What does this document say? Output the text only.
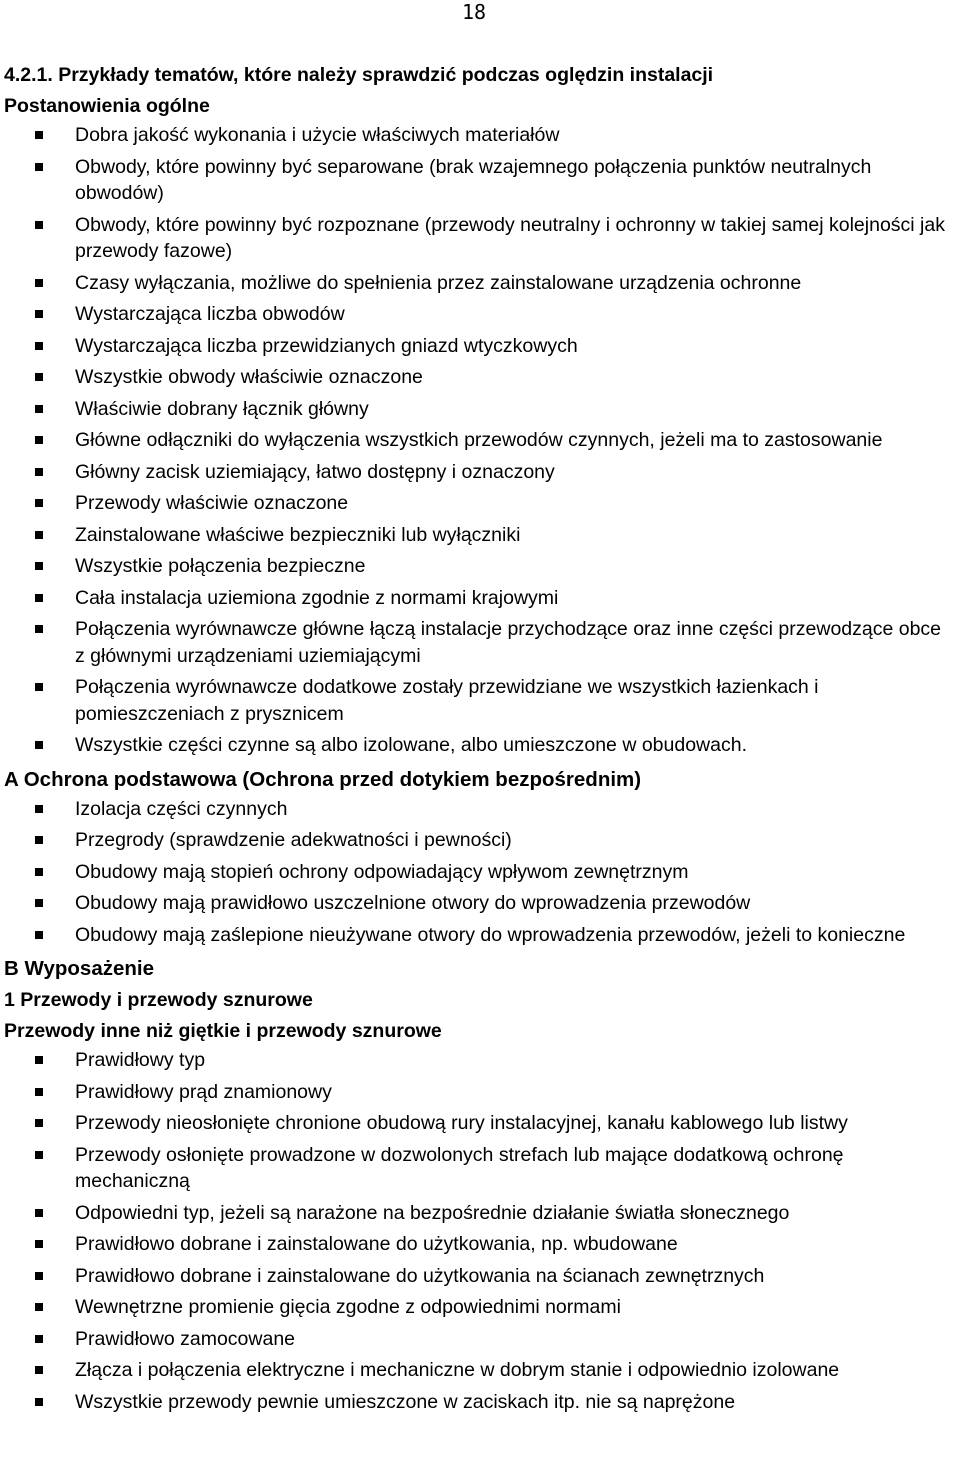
18
4.2.1. Przykłady tematów, które należy sprawdzić podczas oględzin instalacji
Postanowienia ogólne
Dobra jakość wykonania i użycie właściwych materiałów
Obwody, które powinny być separowane (brak wzajemnego połączenia punktów neutralnych obwodów)
Obwody, które powinny być rozpoznane (przewody neutralny i ochronny w takiej samej kolejności jak przewody fazowe)
Czasy wyłączania, możliwe do spełnienia przez zainstalowane urządzenia ochronne
Wystarczająca liczba obwodów
Wystarczająca liczba przewidzianych gniazd wtyczkowych
Wszystkie obwody właściwie oznaczone
Właściwie dobrany łącznik główny
Główne odłączniki do wyłączenia wszystkich przewodów czynnych, jeżeli ma to zastosowanie
Główny zacisk uziemiający, łatwo dostępny i oznaczony
Przewody właściwie oznaczone
Zainstalowane właściwe bezpieczniki lub wyłączniki
Wszystkie połączenia bezpieczne
Cała instalacja uziemiona zgodnie z normami krajowymi
Połączenia wyrównawcze główne łączą instalacje przychodzące oraz inne części przewodzące obce z głównymi urządzeniami uziemiającymi
Połączenia wyrównawcze dodatkowe zostały przewidziane we wszystkich łazienkach i pomieszczeniach z prysznicem
Wszystkie części czynne są albo izolowane, albo umieszczone w obudowach.
A Ochrona podstawowa (Ochrona przed dotykiem bezpośrednim)
Izolacja części czynnych
Przegrody (sprawdzenie adekwatności i pewności)
Obudowy mają stopień ochrony odpowiadający wpływom zewnętrznym
Obudowy mają prawidłowo uszczelnione otwory do wprowadzenia przewodów
Obudowy mają zaślepione nieużywane otwory do wprowadzenia przewodów, jeżeli to konieczne
B Wyposażenie
1 Przewody i przewody sznurowe
Przewody inne niż giętkie i przewody sznurowe
Prawidłowy typ
Prawidłowy prąd znamionowy
Przewody nieosłonięte chronione obudową rury instalacyjnej, kanału kablowego lub listwy
Przewody osłonięte prowadzone w dozwolonych strefach lub mające dodatkową ochronę mechaniczną
Odpowiedni typ, jeżeli są narażone na bezpośrednie działanie światła słonecznego
Prawidłowo dobrane i zainstalowane do użytkowania, np. wbudowane
Prawidłowo dobrane i zainstalowane do użytkowania na ścianach zewnętrznych
Wewnętrzne promienie gięcia zgodne z odpowiednimi normami
Prawidłowo zamocowane
Złącza i połączenia elektryczne i mechaniczne w dobrym stanie i odpowiednio izolowane
Wszystkie przewody pewnie umieszczone w zaciskach itp. nie są naprężone
